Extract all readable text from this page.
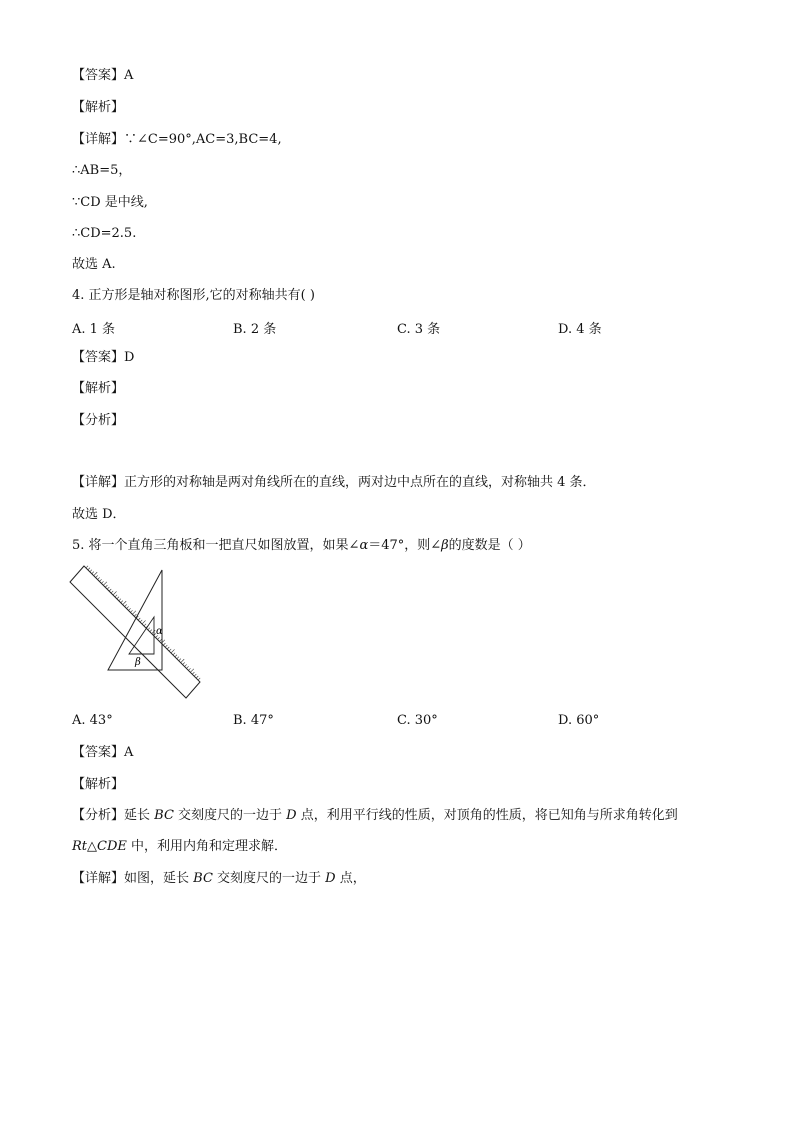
【答案】A
【解析】
【详解】∵∠C=90°,AC=3,BC=4,
∴AB=5，
∵CD 是中线,
∴CD=2.5.
故选 A.
4. 正方形是轴对称图形,它的对称轴共有( )
A. 1 条	B. 2 条	C. 3 条	D. 4 条
【答案】D
【解析】
【分析】
【详解】正方形的对称轴是两对角线所在的直线，两对边中点所在的直线，对称轴共 4 条．
故选 D．
5. 将一个直角三角板和一把直尺如图放置，如果∠α＝47°，则∠β的度数是（ ）
α
β
A. 43°	B. 47°	C. 30°	D. 60°
【答案】A
【解析】
【分析】延长 BC 交刻度尺的一边于 D 点，利用平行线的性质，对顶角的性质，将已知角与所求角转化到
Rt△CDE 中，利用内角和定理求解．
【详解】如图，延长 BC 交刻度尺的一边于 D 点，
